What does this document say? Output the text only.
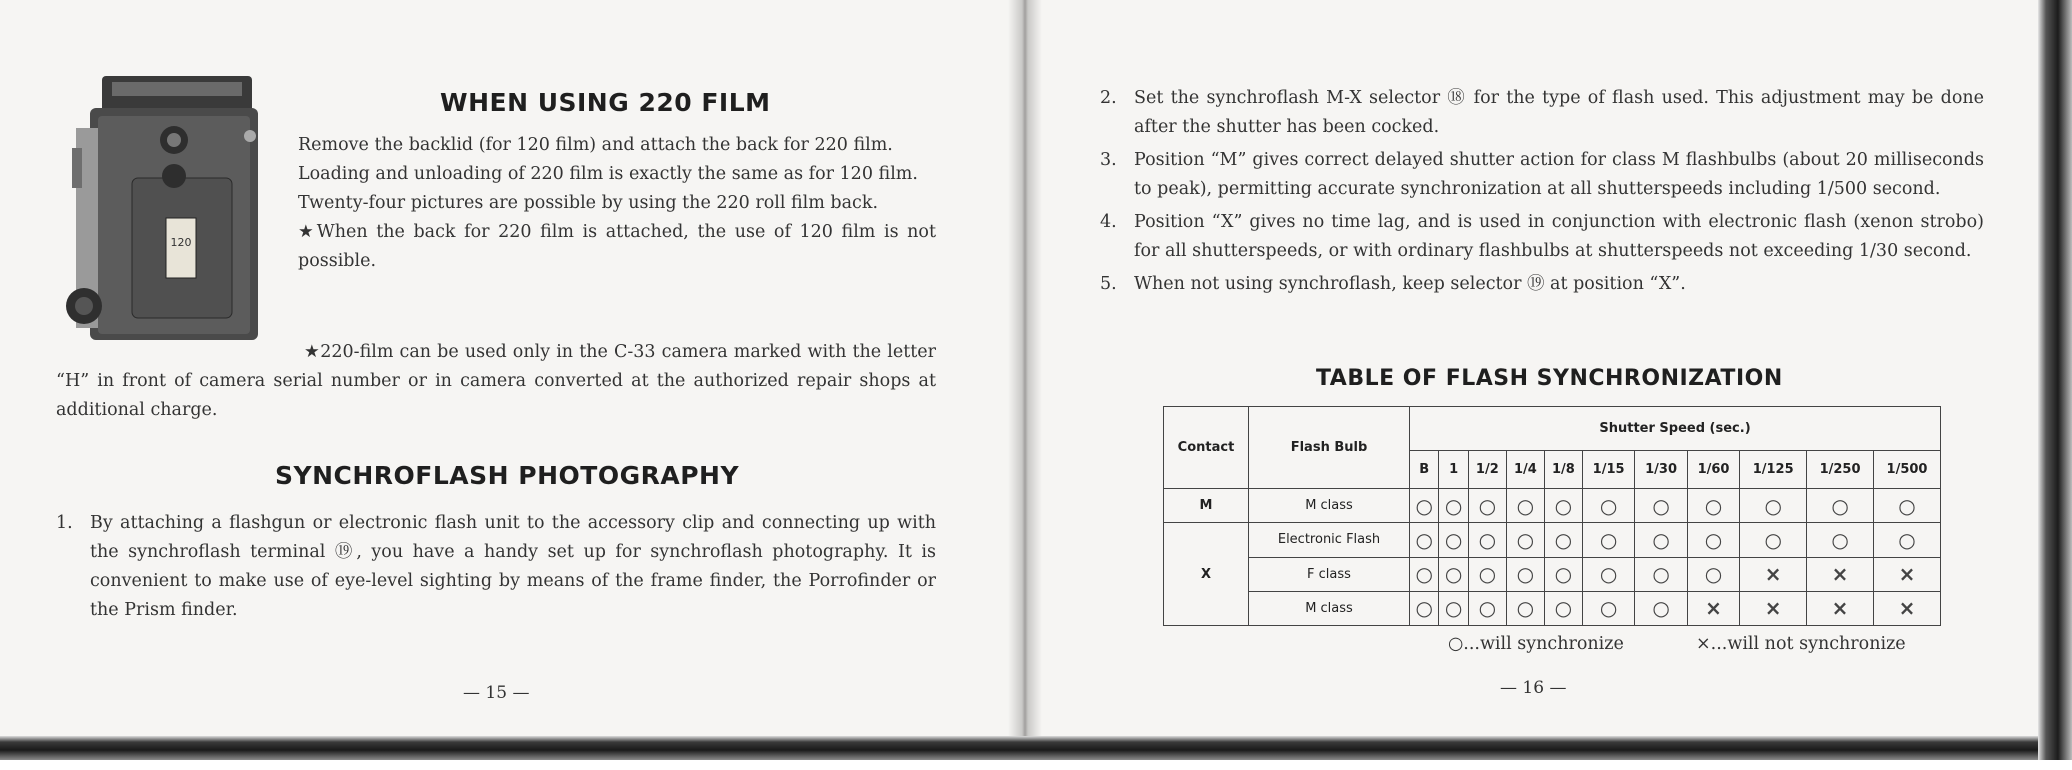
120
WHEN USING 220 FILM

Remove the backlid (for 120 film) and attach the back for 220 film.

Loading and unloading of 220 film is exactly the same as for 120 film.

Twenty-four pictures are possible by using the 220 roll film back.

★When the back for 220 film is attached, the use of 120 film is not possible.

★220-film can be used only in the C-33 camera marked with the letter “H” in front of camera serial number or in camera converted at the authorized repair shops at additional charge.
SYNCHROFLASH PHOTOGRAPHY
1. By attaching a flashgun or electronic flash unit to the accessory clip and connecting up with the synchroflash terminal ⑲, you have a handy set up for synchroflash photography. It is convenient to make use of eye-level sighting by means of the frame finder, the Porrofinder or the Prism finder.
— 15 —
2. Set the synchroflash M-X selector ⑱ for the type of flash used. This adjustment may be done after the shutter has been cocked.
3. Position “M” gives correct delayed shutter action for class M flashbulbs (about 20 milliseconds to peak), permitting accurate synchronization at all shutterspeeds including 1/500 second.
4. Position “X” gives no time lag, and is used in conjunction with electronic flash (xenon strobo) for all shutterspeeds, or with ordinary flashbulbs at shutterspeeds not exceeding 1/30 second.
5. When not using synchroflash, keep selector ⑲ at position “X”.
TABLE OF FLASH SYNCHRONIZATION
Contact	Flash Bulb	Shutter Speed (sec.)										
		B	1	1/2	1/4	1/8	1/15	1/30	1/60	1/125	1/250	1/500
M	M class	○	○	○	○	○	○	○	○	○	○	○
X	Electronic Flash	○	○	○	○	○	○	○	○	○	○	○
	F class	○	○	○	○	○	○	○	○	×	×	×
	M class	○	○	○	○	○	○	○	×	×	×	×
○...will synchronize	×...will not synchronize
— 16 —
